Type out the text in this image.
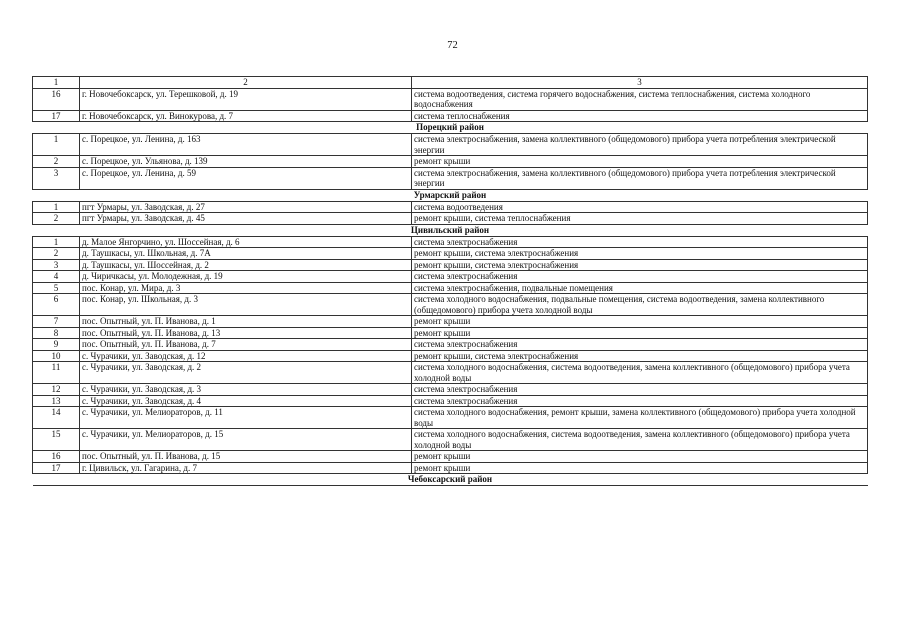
72
1	2	3
16	г. Новочебоксарск, ул. Терешковой, д. 19	система водоотведения, система горячего водоснабжения, система теплоснабжения, система холодного водоснабжения
17	г. Новочебоксарск, ул. Винокурова, д. 7	система теплоснабжения
Порецкий район		
1	с. Порецкое, ул. Ленина, д. 163	система электроснабжения, замена коллективного (общедомового) прибора учета потребления электрической энергии
2	с. Порецкое, ул. Ульянова, д. 139	ремонт крыши
3	с. Порецкое, ул. Ленина, д. 59	система электроснабжения, замена коллективного (общедомового) прибора учета потребления электрической энергии
Урмарский район		
1	пгт Урмары, ул. Заводская, д. 27	система водоотведения
2	пгт Урмары, ул. Заводская, д. 45	ремонт крыши, система теплоснабжения
Цивильский район		
1	д. Малое Янгорчино, ул. Шоссейная, д. 6	система электроснабжения
2	д. Таушкасы, ул. Школьная, д. 7А	ремонт крыши, система электроснабжения
3	д. Таушкасы, ул. Шоссейная, д. 2	ремонт крыши, система электроснабжения
4	д. Чиричкасы, ул. Молодежная, д. 19	система электроснабжения
5	пос. Конар, ул. Мира, д. 3	система электроснабжения, подвальные помещения
6	пос. Конар, ул. Школьная, д. 3	система холодного водоснабжения, подвальные помещения, система водоотведения, замена коллективного (общедомового) прибора учета холодной воды
7	пос. Опытный, ул. П. Иванова, д. 1	ремонт крыши
8	пос. Опытный, ул. П. Иванова, д. 13	ремонт крыши
9	пос. Опытный, ул. П. Иванова, д. 7	система электроснабжения
10	с. Чурачики, ул. Заводская, д. 12	ремонт крыши, система электроснабжения
11	с. Чурачики, ул. Заводская, д. 2	система холодного водоснабжения, система водоотведения, замена коллективного (общедомового) прибора учета холодной воды
12	с. Чурачики, ул. Заводская, д. 3	система электроснабжения
13	с. Чурачики, ул. Заводская, д. 4	система электроснабжения
14	с. Чурачики, ул. Мелиораторов, д. 11	система холодного водоснабжения, ремонт крыши, замена коллективного (общедомового) прибора учета холодной воды
15	с. Чурачики, ул. Мелиораторов, д. 15	система холодного водоснабжения, система водоотведения, замена коллективного (общедомового) прибора учета холодной воды
16	пос. Опытный, ул. П. Иванова, д. 15	ремонт крыши
17	г. Цивильск, ул. Гагарина, д. 7	ремонт крыши
Чебоксарский район		
